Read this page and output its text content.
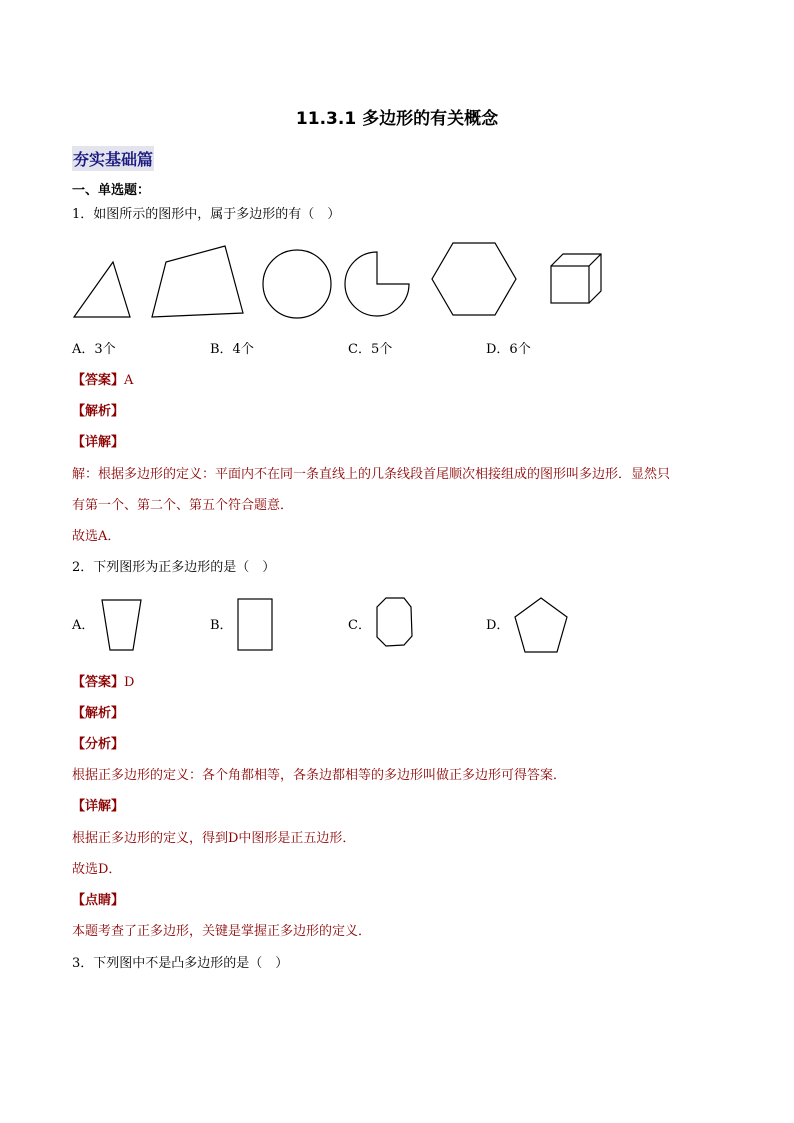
11.3.1 多边形的有关概念
夯实基础篇
一、单选题：
1．如图所示的图形中，属于多边形的有（　）
A．3个	B．4个	C．5个	D．6个
【答案】A
【解析】
【详解】
解：根据多边形的定义：平面内不在同一条直线上的几条线段首尾顺次相接组成的图形叫多边形．显然只
有第一个、第二个、第五个符合题意．
故选A．
2．下列图形为正多边形的是（　）
A．	B．	C．	D．
【答案】D
【解析】
【分析】
根据正多边形的定义：各个角都相等，各条边都相等的多边形叫做正多边形可得答案．
【详解】
根据正多边形的定义，得到D中图形是正五边形．
故选D．
【点睛】
本题考查了正多边形，关键是掌握正多边形的定义．
3．下列图中不是凸多边形的是（　）
